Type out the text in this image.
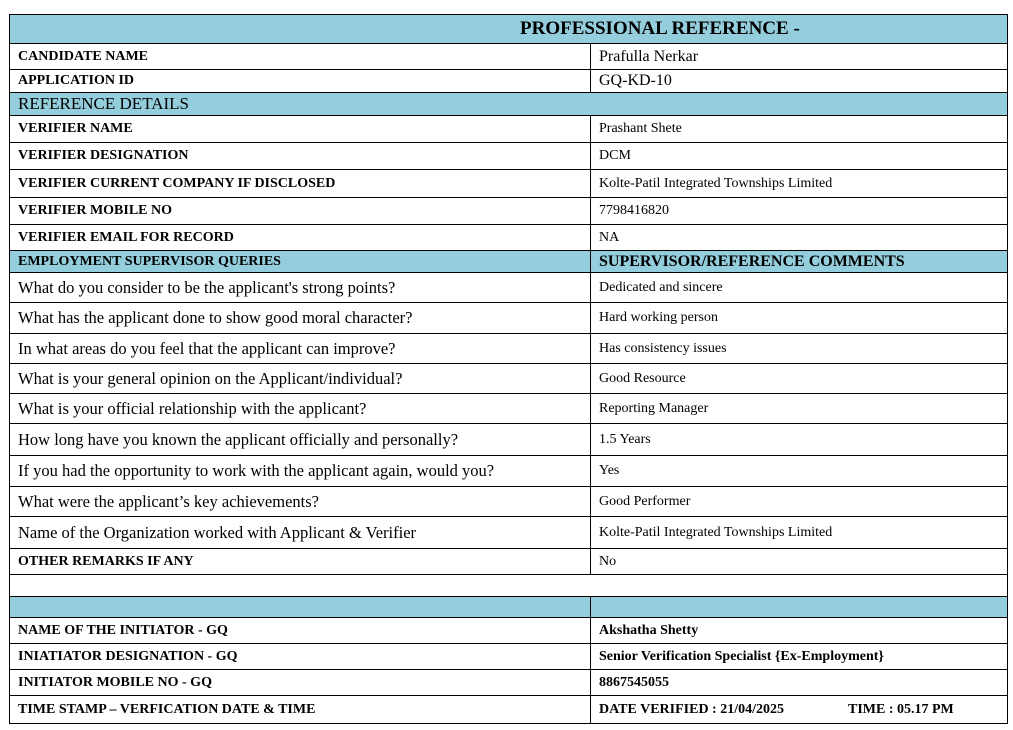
PROFESSIONAL REFERENCE -	
CANDIDATE NAME	Prafulla Nerkar
APPLICATION ID	GQ-KD-10
REFERENCE DETAILS	
VERIFIER NAME	Prashant Shete
VERIFIER DESIGNATION	DCM
VERIFIER CURRENT COMPANY IF DISCLOSED	Kolte-Patil Integrated Townships Limited
VERIFIER MOBILE NO	7798416820
VERIFIER EMAIL FOR RECORD	NA
EMPLOYMENT SUPERVISOR QUERIES	SUPERVISOR/REFERENCE COMMENTS
What do you consider to be the applicant's strong points?	Dedicated and sincere
What has the applicant done to show good moral character?	Hard working person
In what areas do you feel that the applicant can improve?	Has consistency issues
What is your general opinion on the Applicant/individual?	Good Resource
What is your official relationship with the applicant?	Reporting Manager
How long have you known the applicant officially and personally?	1.5 Years
If you had the opportunity to work with the applicant again, would you?	Yes
What were the applicant’s key achievements?	Good Performer
Name of the Organization worked with Applicant & Verifier	Kolte-Patil Integrated Townships Limited
OTHER REMARKS IF ANY	No

NAME OF THE INITIATOR - GQ	Akshatha Shetty
INIATIATOR DESIGNATION - GQ	Senior Verification Specialist {Ex-Employment}
INITIATOR MOBILE NO - GQ	8867545055
TIME STAMP – VERFICATION DATE & TIME	DATE VERIFIED : 21/04/2025 TIME : 05.17 PM
